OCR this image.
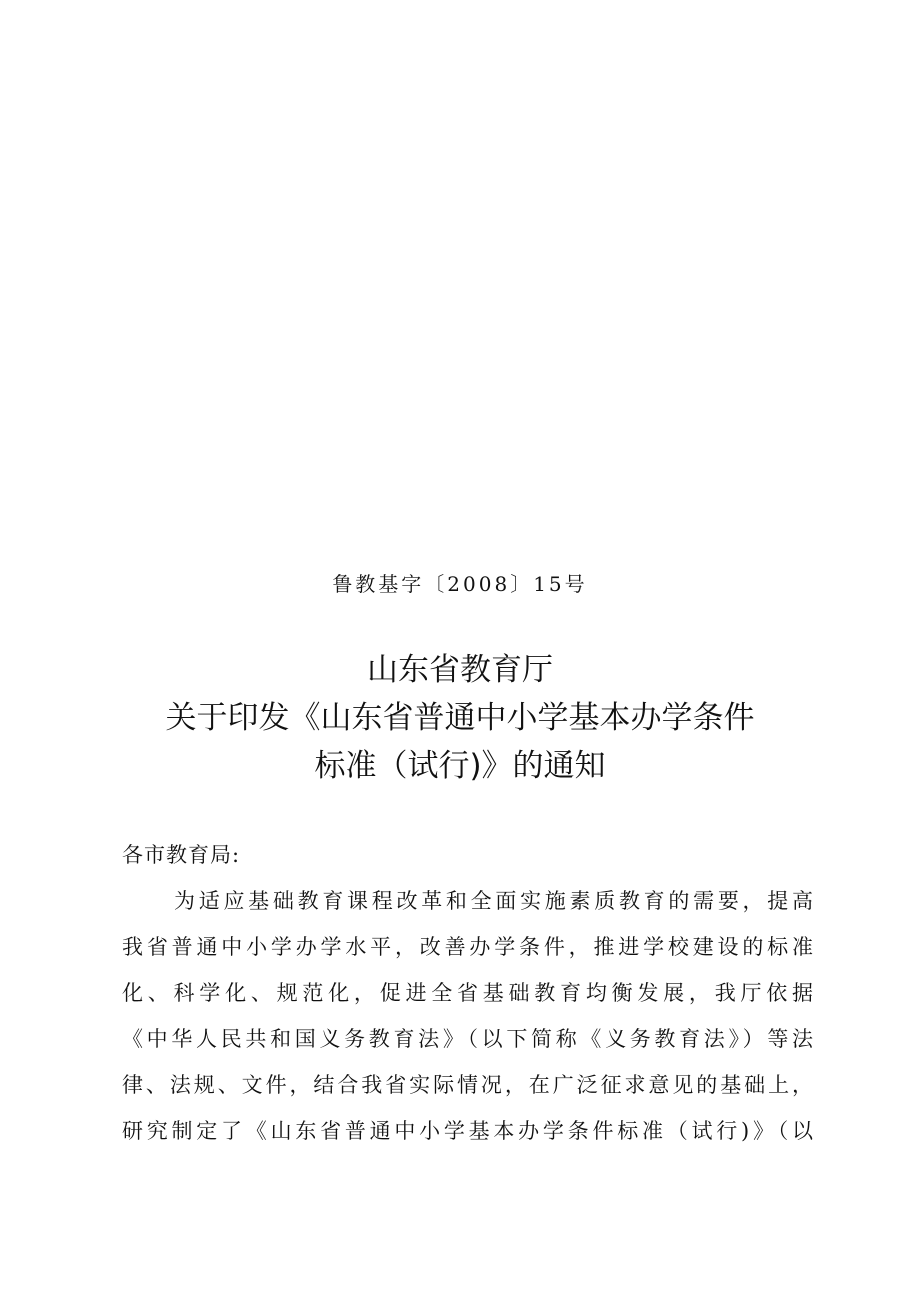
鲁教基字〔2008〕15号
山东省教育厅
关于印发《山东省普通中小学基本办学条件
标准（试行)》的通知
各市教育局:
为适应基础教育课程改革和全面实施素质教育的需要，提高
我省普通中小学办学水平，改善办学条件，推进学校建设的标准
化、科学化、规范化，促进全省基础教育均衡发展，我厅依据
《中华人民共和国义务教育法》（以下简称《义务教育法》）等法
律、法规、文件，结合我省实际情况，在广泛征求意见的基础上，
研究制定了《山东省普通中小学基本办学条件标准（试行)》（以
